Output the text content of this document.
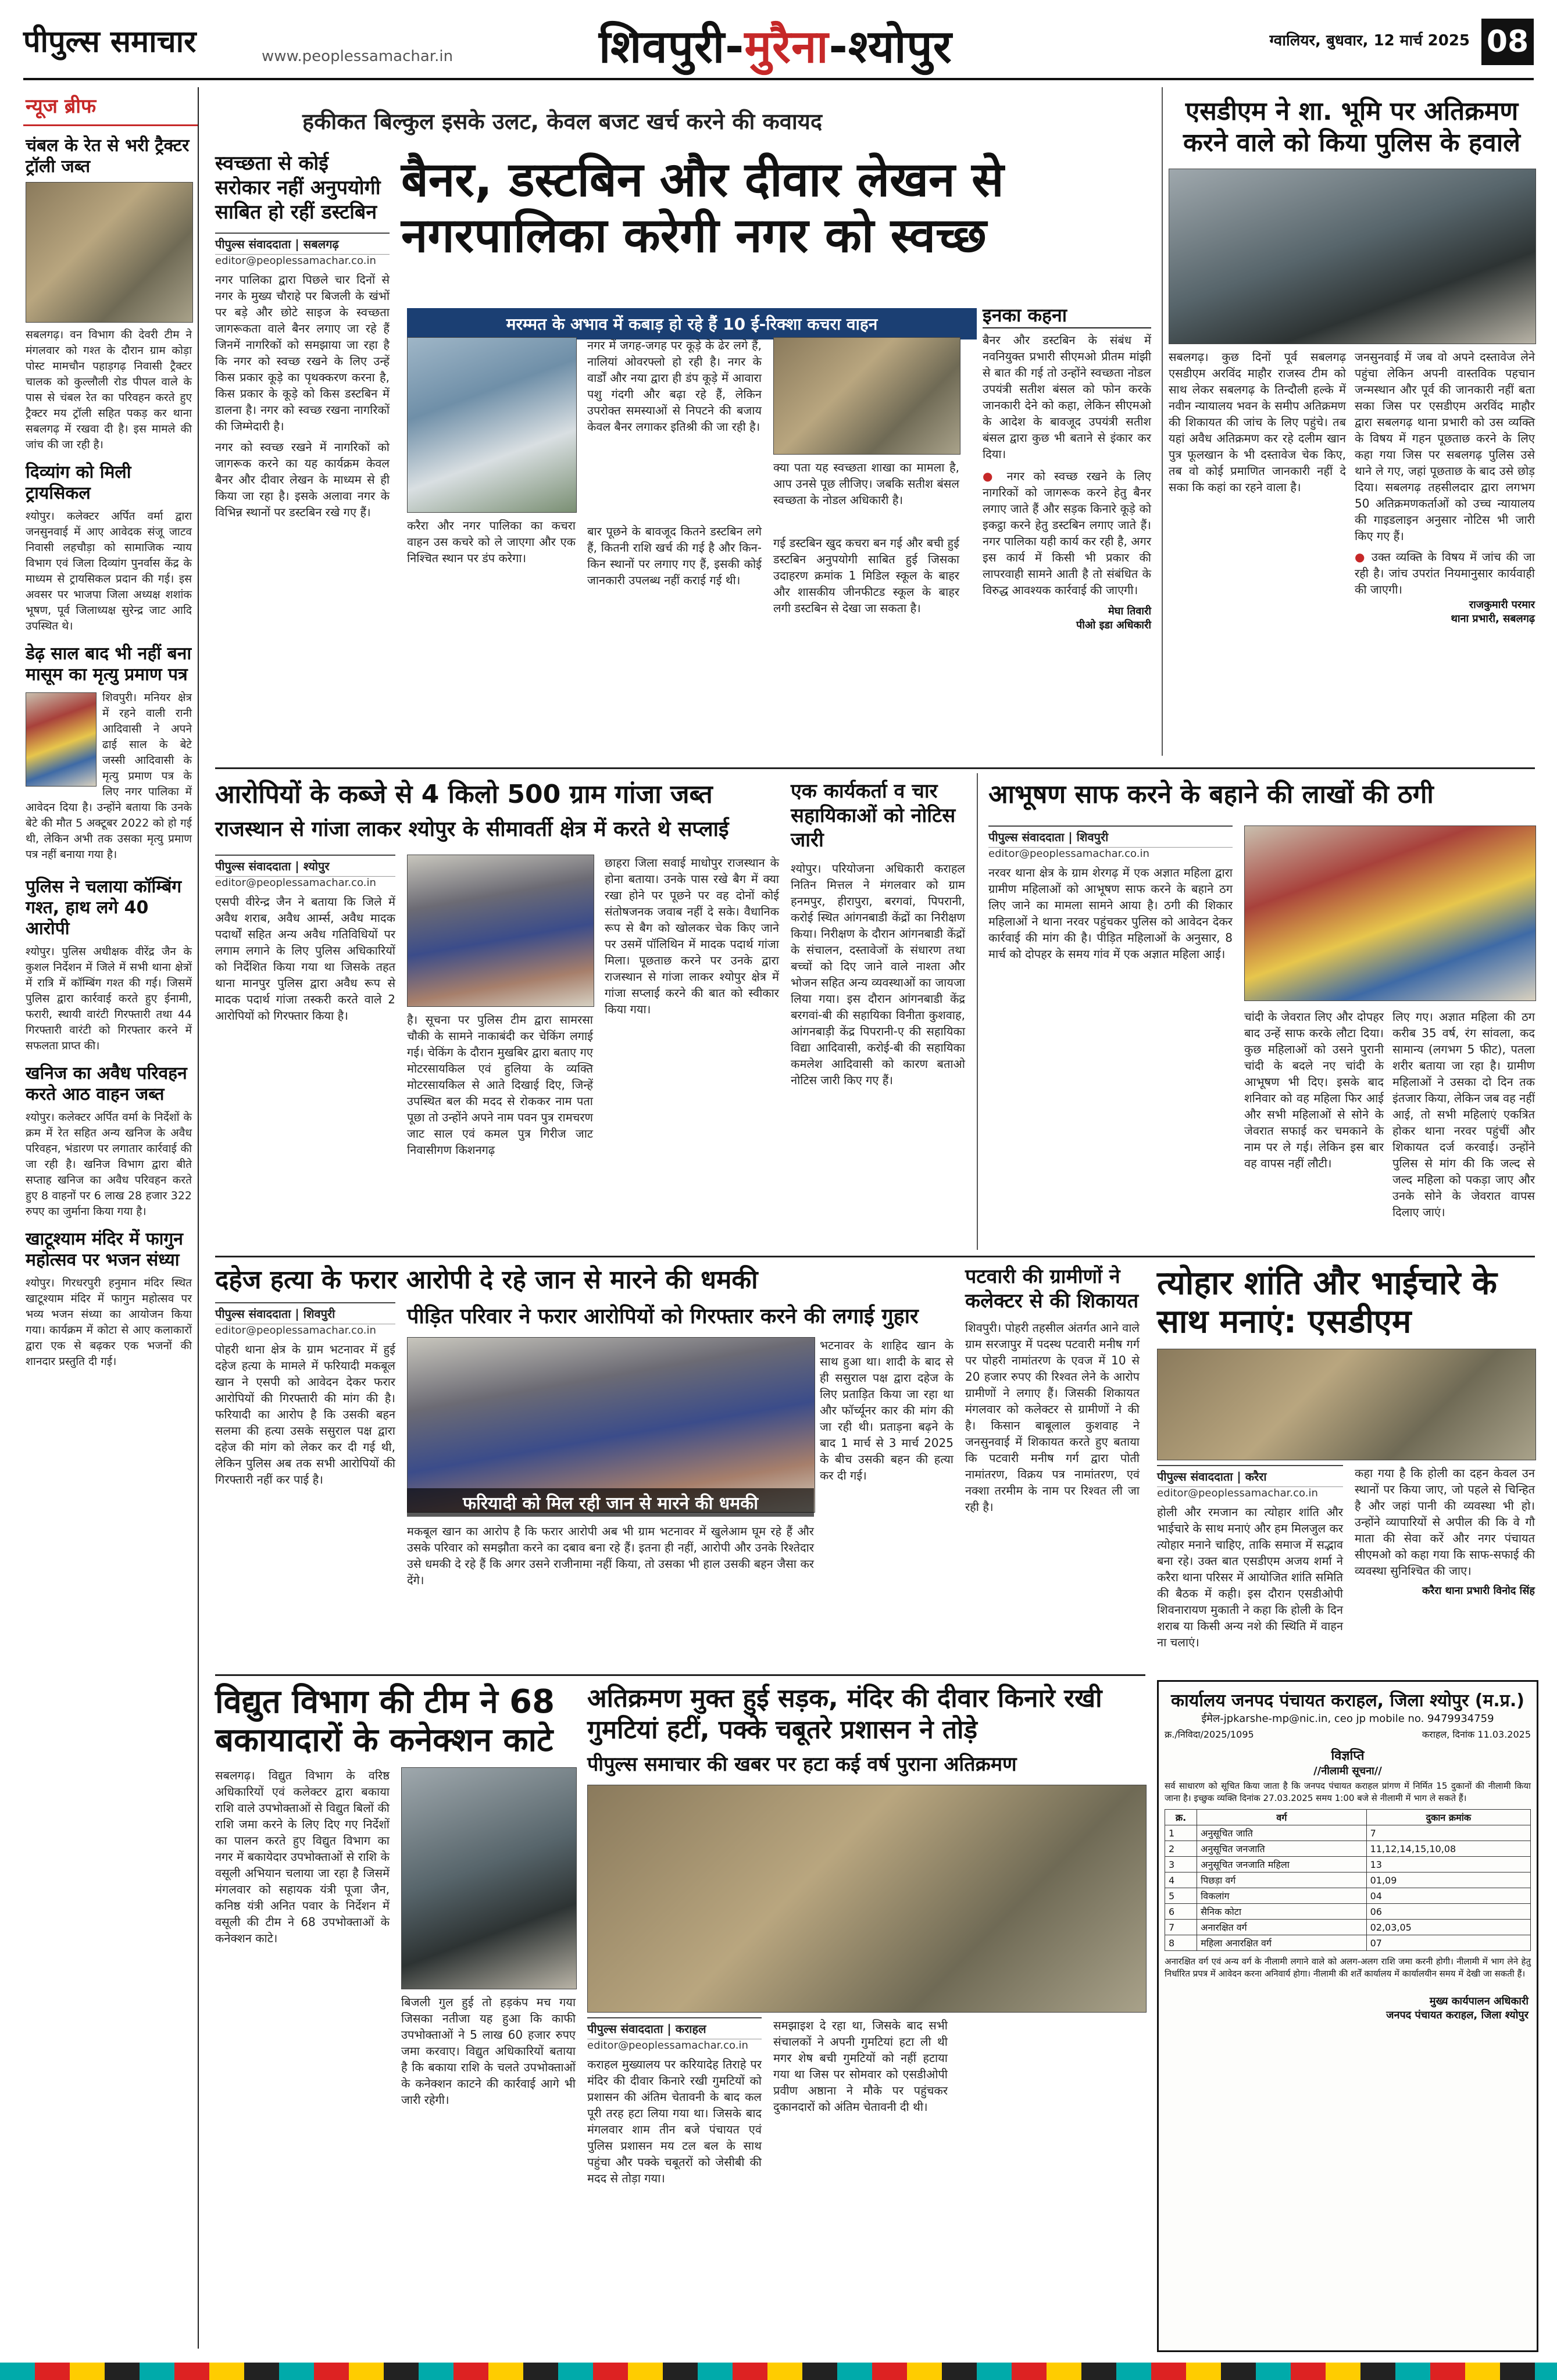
पीपुल्स समाचार	www.peoplessamachar.in	शिवपुरी-मुरैना-श्योपुर	ग्वालियर, बुधवार, 12 मार्च 2025 08
न्यूज ब्रीफ
चंबल के रेत से भरी ट्रैक्टर ट्रॉली जब्त
सबलगढ़। वन विभाग की देवरी टीम ने मंगलवार को गश्त के दौरान ग्राम कोड़ा पोस्ट मामचौन पहाड़गढ़ निवासी ट्रैक्टर चालक को कुल्लौली रोड पीपल वाले के पास से चंबल रेत का परिवहन करते हुए ट्रैक्टर मय ट्रॉली सहित पकड़ कर थाना सबलगढ़ में रखवा दी है। इस मामले की जांच की जा रही है।
दिव्यांग को मिली ट्रायसिकल
श्योपुर। कलेक्टर अर्पित वर्मा द्वारा जनसुनवाई में आए आवेदक संजू जाटव निवासी लहचौड़ा को सामाजिक न्याय विभाग एवं जिला दिव्यांग पुनर्वास केंद्र के माध्यम से ट्रायसिकल प्रदान की गई। इस अवसर पर भाजपा जिला अध्यक्ष शशांक भूषण, पूर्व जिलाध्यक्ष सुरेन्द्र जाट आदि उपस्थित थे।
डेढ़ साल बाद भी नहीं बना मासूम का मृत्यु प्रमाण पत्र
शिवपुरी। मनियर क्षेत्र में रहने वाली रानी आदिवासी ने अपने ढाई साल के बेटे जस्सी आदिवासी के मृत्यु प्रमाण पत्र के लिए नगर पालिका में आवेदन दिया है। उन्होंने बताया कि उनके बेटे की मौत 5 अक्टूबर 2022 को हो गई थी, लेकिन अभी तक उसका मृत्यु प्रमाण पत्र नहीं बनाया गया है।
पुलिस ने चलाया कॉम्बिंग गश्त, हाथ लगे 40 आरोपी
श्योपुर। पुलिस अधीक्षक वीरेंद्र जैन के कुशल निर्देशन में जिले में सभी थाना क्षेत्रों में रात्रि में कॉम्बिंग गश्त की गई। जिसमें पुलिस द्वारा कार्रवाई करते हुए ईनामी, फरारी, स्थायी वारंटी गिरफ्तारी तथा 44 गिरफ्तारी वारंटी को गिरफ्तार करने में सफलता प्राप्त की।
खनिज का अवैध परिवहन करते आठ वाहन जब्त
श्योपुर। कलेक्टर अर्पित वर्मा के निर्देशों के क्रम में रेत सहित अन्य खनिज के अवैध परिवहन, भंडारण पर लगातार कार्रवाई की जा रही है। खनिज विभाग द्वारा बीते सप्ताह खनिज का अवैध परिवहन करते हुए 8 वाहनों पर 6 लाख 28 हजार 322 रुपए का जुर्माना किया गया है।
खाटूश्याम मंदिर में फागुन महोत्सव पर भजन संध्या
श्योपुर। गिरधरपुरी हनुमान मंदिर स्थित खाटूश्याम मंदिर में फागुन महोत्सव पर भव्य भजन संध्या का आयोजन किया गया। कार्यक्रम में कोटा से आए कलाकारों द्वारा एक से बढ़कर एक भजनों की शानदार प्रस्तुति दी गई।
हकीकत बिल्कुल इसके उलट, केवल बजट खर्च करने की कवायद
स्वच्छता से कोई सरोकार नहीं अनुपयोगी साबित हो रहीं डस्टबिन
पीपुल्स संवाददाता | सबलगढ़
editor@peoplessamachar.co.in
नगर पालिका द्वारा पिछले चार दिनों से नगर के मुख्य चौराहे पर बिजली के खंभों पर बड़े और छोटे साइज के स्वच्छता जागरूकता वाले बैनर लगाए जा रहे हैं जिनमें नागरिकों को समझाया जा रहा है कि नगर को स्वच्छ रखने के लिए उन्हें किस प्रकार कूड़े का पृथक्करण करना है, किस प्रकार के कूड़े को किस डस्टबिन में डालना है। नगर को स्वच्छ रखना नागरिकों की जिम्मेदारी है।
नगर को स्वच्छ रखने में नागरिकों को जागरूक करने का यह कार्यक्रम केवल बैनर और दीवार लेखन के माध्यम से ही किया जा रहा है। इसके अलावा नगर के विभिन्न स्थानों पर डस्टबिन रखे गए हैं।
बैनर, डस्टबिन और दीवार लेखन से नगरपालिका करेगी नगर को स्वच्छ
मरम्मत के अभाव में कबाड़ हो रहे हैं 10 ई-रिक्शा कचरा वाहन
करैरा और नगर पालिका का कचरा वाहन उस कचरे को ले जाएगा और एक निश्चित स्थान पर डंप करेगा।
नगर में जगह-जगह पर कूड़े के ढेर लगे हैं, नालियां ओवरफ्लो हो रही है। नगर के वार्डों और नया द्वारा ही डंप कूड़े में आवारा पशु गंदगी और बढ़ा रहे हैं, लेकिन उपरोक्त समस्याओं से निपटने की बजाय केवल बैनर लगाकर इतिश्री की जा रही है।
बार पूछने के बावजूद कितने डस्टबिन लगे हैं, कितनी राशि खर्च की गई है और किन-किन स्थानों पर लगाए गए हैं, इसकी कोई जानकारी उपलब्ध नहीं कराई गई थी।
क्या पता यह स्वच्छता शाखा का मामला है, आप उनसे पूछ लीजिए। जबकि सतीश बंसल स्वच्छता के नोडल अधिकारी है।
गई डस्टबिन खुद कचरा बन गई और बची हुई डस्टबिन अनुपयोगी साबित हुई जिसका उदाहरण क्रमांक 1 मिडिल स्कूल के बाहर और शासकीय जीनफीटड स्कूल के बाहर लगी डस्टबिन से देखा जा सकता है।
इनका कहना
बैनर और डस्टबिन के संबंध में नवनियुक्त प्रभारी सीएमओ प्रीतम मांझी से बात की गई तो उन्होंने स्वच्छता नोडल उपयंत्री सतीश बंसल को फोन करके जानकारी देने को कहा, लेकिन सीएमओ के आदेश के बावजूद उपयंत्री सतीश बंसल द्वारा कुछ भी बताने से इंकार कर दिया।
● नगर को स्वच्छ रखने के लिए नागरिकों को जागरूक करने हेतु बैनर लगाए जाते हैं और सड़क किनारे कूड़े को इकट्ठा करने हेतु डस्टबिन लगाए जाते हैं। नगर पालिका यही कार्य कर रही है, अगर इस कार्य में किसी भी प्रकार की लापरवाही सामने आती है तो संबंधित के विरुद्ध आवश्यक कार्रवाई की जाएगी।
मेघा तिवारी
पीओ इडा अधिकारी
एसडीएम ने शा. भूमि पर अतिक्रमण करने वाले को किया पुलिस के हवाले
सबलगढ़। कुछ दिनों पूर्व सबलगढ़ एसडीएम अरविंद माहौर राजस्व टीम को साथ लेकर सबलगढ़ के तिन्दौली हल्के में नवीन न्यायालय भवन के समीप अतिक्रमण की शिकायत की जांच के लिए पहुंचे। तब यहां अवैध अतिक्रमण कर रहे दलीम खान पुत्र फूलखान के भी दस्तावेज चेक किए, तब वो कोई प्रमाणित जानकारी नहीं दे सका कि कहां का रहने वाला है।
जनसुनवाई में जब वो अपने दस्तावेज लेने पहुंचा लेकिन अपनी वास्तविक पहचान जन्मस्थान और पूर्व की जानकारी नहीं बता सका जिस पर एसडीएम अरविंद माहौर द्वारा सबलगढ़ थाना प्रभारी को उस व्यक्ति के विषय में गहन पूछताछ करने के लिए कहा गया जिस पर सबलगढ़ पुलिस उसे थाने ले गए, जहां पूछताछ के बाद उसे छोड़ दिया। सबलगढ़ तहसीलदार द्वारा लगभग 50 अतिक्रमणकर्ताओं को उच्च न्यायालय की गाइडलाइन अनुसार नोटिस भी जारी किए गए हैं।
● उक्त व्यक्ति के विषय में जांच की जा रही है। जांच उपरांत नियमानुसार कार्यवाही की जाएगी।
राजकुमारी परमार
थाना प्रभारी, सबलगढ़
आरोपियों के कब्जे से 4 किलो 500 ग्राम गांजा जब्त
राजस्थान से गांजा लाकर श्योपुर के सीमावर्ती क्षेत्र में करते थे सप्लाई
पीपुल्स संवाददाता | श्योपुर
editor@peoplessamachar.co.in
एसपी वीरेन्द्र जैन ने बताया कि जिले में अवैध शराब, अवैध आर्म्स, अवैध मादक पदार्थों सहित अन्य अवैध गतिविधियों पर लगाम लगाने के लिए पुलिस अधिकारियों को निर्देशित किया गया था जिसके तहत थाना मानपुर पुलिस द्वारा अवैध रूप से मादक पदार्थ गांजा तस्करी करते वाले 2 आरोपियों को गिरफ्तार किया है।	है। सूचना पर पुलिस टीम द्वारा सामरसा चौकी के सामने नाकाबंदी कर चेकिंग लगाई गई। चेकिंग के दौरान मुखबिर द्वारा बताए गए मोटरसायकिल एवं हुलिया के व्यक्ति मोटरसायकिल से आते दिखाई दिए, जिन्हें उपस्थित बल की मदद से रोककर नाम पता पूछा तो उन्होंने अपने नाम पवन पुत्र रामचरण जाट साल एवं कमल पुत्र गिरीज जाट निवासीगण किशनगढ़
छाहरा जिला सवाई माधोपुर राजस्थान के होना बताया। उनके पास रखे बैग में क्या रखा होने पर पूछने पर वह दोनों कोई संतोषजनक जवाब नहीं दे सके। वैधानिक रूप से बैग को खोलकर चेक किए जाने पर उसमें पॉलिथिन में मादक पदार्थ गांजा मिला। पूछताछ करने पर उनके द्वारा राजस्थान से गांजा लाकर श्योपुर क्षेत्र में गांजा सप्लाई करने की बात को स्वीकार किया गया।
एक कार्यकर्ता व चार सहायिकाओं को नोटिस जारी
श्योपुर। परियोजना अधिकारी कराहल नितिन मित्तल ने मंगलवार को ग्राम हनमपुर, हीरापुरा, बरगवां, पिपरानी, करोई स्थित आंगनबाडी केंद्रों का निरीक्षण किया। निरीक्षण के दौरान आंगनबाडी केंद्रों के संचालन, दस्तावेजों के संधारण तथा बच्चों को दिए जाने वाले नाश्ता और भोजन सहित अन्य व्यवस्थाओं का जायजा लिया गया। इस दौरान आंगनबाडी केंद्र बरगवां-बी की सहायिका विनीता कुशवाह, आंगनबाड़ी केंद्र पिपरानी-ए की सहायिका विद्या आदिवासी, करोई-बी की सहायिका कमलेश आदिवासी को कारण बताओ नोटिस जारी किए गए हैं।
आभूषण साफ करने के बहाने की लाखों की ठगी
पीपुल्स संवाददाता | शिवपुरी
editor@peoplessamachar.co.in
नरवर थाना क्षेत्र के ग्राम शेरगढ़ में एक अज्ञात महिला द्वारा ग्रामीण महिलाओं को आभूषण साफ करने के बहाने ठग लिए जाने का मामला सामने आया है। ठगी की शिकार महिलाओं ने थाना नरवर पहुंचकर पुलिस को आवेदन देकर कार्रवाई की मांग की है। पीड़ित महिलाओं के अनुसार, 8 मार्च को दोपहर के समय गांव में एक अज्ञात महिला आई।
चांदी के जेवरात लिए और दोपहर बाद उन्हें साफ करके लौटा दिया। कुछ महिलाओं को उसने पुरानी चांदी के बदले नए चांदी के आभूषण भी दिए। इसके बाद शनिवार को वह महिला फिर आई और सभी महिलाओं से सोने के जेवरात सफाई कर चमकाने के नाम पर ले गई। लेकिन इस बार वह वापस नहीं लौटी।
लिए गए। अज्ञात महिला की ठग करीब 35 वर्ष, रंग सांवला, कद सामान्य (लगभग 5 फीट), पतला शरीर बताया जा रहा है। ग्रामीण महिलाओं ने उसका दो दिन तक इंतजार किया, लेकिन जब वह नहीं आई, तो सभी महिलाएं एकत्रित होकर थाना नरवर पहुंचीं और शिकायत दर्ज करवाई। उन्होंने पुलिस से मांग की कि जल्द से जल्द महिला को पकड़ा जाए और उनके सोने के जेवरात वापस दिलाए जाएं।
दहेज हत्या के फरार आरोपी दे रहे जान से मारने की धमकी
पीड़ित परिवार ने फरार आरोपियों को गिरफ्तार करने की लगाई गुहार
पीपुल्स संवाददाता | शिवपुरी
editor@peoplessamachar.co.in
पोहरी थाना क्षेत्र के ग्राम भटनावर में हुई दहेज हत्या के मामले में फरियादी मकबूल खान ने एसपी को आवेदन देकर फरार आरोपियों की गिरफ्तारी की मांग की है। फरियादी का आरोप है कि उसकी बहन सलमा की हत्या उसके ससुराल पक्ष द्वारा दहेज की मांग को लेकर कर दी गई थी, लेकिन पुलिस अब तक सभी आरोपियों की गिरफ्तारी नहीं कर पाई है।
फरियादी को मिल रही जान से मारने की धमकी
मकबूल खान का आरोप है कि फरार आरोपी अब भी ग्राम भटनावर में खुलेआम घूम रहे हैं और उसके परिवार को समझौता करने का दबाव बना रहे हैं। इतना ही नहीं, आरोपी और उनके रिश्तेदार उसे धमकी दे रहे हैं कि अगर उसने राजीनामा नहीं किया, तो उसका भी हाल उसकी बहन जैसा कर देंगे।
भटनावर के शाहिद खान के साथ हुआ था। शादी के बाद से ही ससुराल पक्ष द्वारा दहेज के लिए प्रताड़ित किया जा रहा था और फॉर्च्यूनर कार की मांग की जा रही थी। प्रताड़ना बढ़ने के बाद 1 मार्च से 3 मार्च 2025 के बीच उसकी बहन की हत्या कर दी गई।
पटवारी की ग्रामीणों ने कलेक्टर से की शिकायत
शिवपुरी। पोहरी तहसील अंतर्गत आने वाले ग्राम सरजापुर में पदस्थ पटवारी मनीष गर्ग पर पोहरी नामांतरण के एवज में 10 से 20 हजार रुपए की रिश्वत लेने के आरोप ग्रामीणों ने लगाए हैं। जिसकी शिकायत मंगलवार को कलेक्टर से ग्रामीणों ने की है। किसान बाबूलाल कुशवाह ने जनसुनवाई में शिकायत करते हुए बताया कि पटवारी मनीष गर्ग द्वारा पोती नामांतरण, विक्रय पत्र नामांतरण, एवं नक्शा तरमीम के नाम पर रिश्वत ली जा रही है।
त्योहार शांति और भाईचारे के साथ मनाएं: एसडीएम
पीपुल्स संवाददाता | करैरा
editor@peoplessamachar.co.in
होली और रमजान का त्योहार शांति और भाईचारे के साथ मनाएं और हम मिलजुल कर त्योहार मनाने चाहिए, ताकि समाज में सद्भाव बना रहे। उक्त बात एसडीएम अजय शर्मा ने करैरा थाना परिसर में आयोजित शांति समिति की बैठक में कही। इस दौरान एसडीओपी शिवनारायण मुकाती ने कहा कि होली के दिन शराब या किसी अन्य नशे की स्थिति में वाहन ना चलाएं।
कहा गया है कि होली का दहन केवल उन स्थानों पर किया जाए, जो पहले से चिन्हित है और जहां पानी की व्यवस्था भी हो। उन्होंने व्यापारियों से अपील की कि वे गौ माता की सेवा करें और नगर पंचायत सीएमओ को कहा गया कि साफ-सफाई की व्यवस्था सुनिश्चित की जाए।
करैरा थाना प्रभारी विनोद सिंह
विद्युत विभाग की टीम ने 68 बकायादारों के कनेक्शन काटे
सबलगढ़। विद्युत विभाग के वरिष्ठ अधिकारियों एवं कलेक्टर द्वारा बकाया राशि वाले उपभोक्ताओं से विद्युत बिलों की राशि जमा करने के लिए दिए गए निर्देशों का पालन करते हुए विद्युत विभाग का नगर में बकायेदार उपभोक्ताओं से राशि के वसूली अभियान चलाया जा रहा है जिसमें मंगलवार को सहायक यंत्री पूजा जैन, कनिष्ठ यंत्री अनित पवार के निर्देशन में वसूली की टीम ने 68 उपभोक्ताओं के कनेक्शन काटे।
बिजली गुल हुई तो हड़कंप मच गया जिसका नतीजा यह हुआ कि काफी उपभोक्ताओं ने 5 लाख 60 हजार रुपए जमा करवाए। विद्युत अधिकारियों बताया है कि बकाया राशि के चलते उपभोक्ताओं के कनेक्शन काटने की कार्रवाई आगे भी जारी रहेगी।
अतिक्रमण मुक्त हुई सड़क, मंदिर की दीवार किनारे रखी गुमटियां हटीं, पक्के चबूतरे प्रशासन ने तोड़े
पीपुल्स समाचार की खबर पर हटा कई वर्ष पुराना अतिक्रमण
पीपुल्स संवाददाता | कराहल
editor@peoplessamachar.co.in
कराहल मुख्यालय पर करियादेह तिराहे पर मंदिर की दीवार किनारे रखी गुमटियों को प्रशासन की अंतिम चेतावनी के बाद कल पूरी तरह हटा लिया गया था। जिसके बाद मंगलवार शाम तीन बजे पंचायत एवं पुलिस प्रशासन मय टल बल के साथ पहुंचा और पक्के चबूतरों को जेसीबी की मदद से तोड़ा गया।
समझाइश दे रहा था, जिसके बाद सभी संचालकों ने अपनी गुमटियां हटा ली थी मगर शेष बची गुमटियों को नहीं हटाया गया था जिस पर सोमवार को एसडीओपी प्रवीण अष्ठाना ने मौके पर पहुंचकर दुकानदारों को अंतिम चेतावनी दी थी।
कार्यालय जनपद पंचायत कराहल, जिला श्योपुर (म.प्र.)
ईमेल-jpkarshe-mp@nic.in, ceo jp mobile no. 9479934759
क्र./निविदा/2025/1095	कराहल, दिनांक 11.03.2025
विज्ञप्ति
//नीलामी सूचना//
सर्व साधारण को सूचित किया जाता है कि जनपद पंचायत कराहल प्रांगण में निर्मित 15 दुकानों की नीलामी किया जाना है। इच्छुक व्यक्ति दिनांक 27.03.2025 समय 1:00 बजे से नीलामी में भाग ले सकते हैं।
क्र.	वर्ग	दुकान क्रमांक
1	अनुसूचित जाति	7
2	अनुसूचित जनजाति	11,12,14,15,10,08
3	अनुसूचित जनजाति महिला	13
4	पिछड़ा वर्ग	01,09
5	विकलांग	04
6	सैनिक कोटा	06
7	अनारक्षित वर्ग	02,03,05
8	महिला अनारक्षित वर्ग	07
अनारक्षित वर्ग एवं अन्य वर्ग के नीलामी लगाने वाले को अलग-अलग राशि जमा करनी होगी। नीलामी में भाग लेने हेतु निर्धारित प्रपत्र में आवेदन करना अनिवार्य होगा। नीलामी की शर्तें कार्यालय में कार्यालयीन समय में देखी जा सकती हैं।
मुख्य कार्यपालन अधिकारी
जनपद पंचायत कराहल, जिला श्योपुर
